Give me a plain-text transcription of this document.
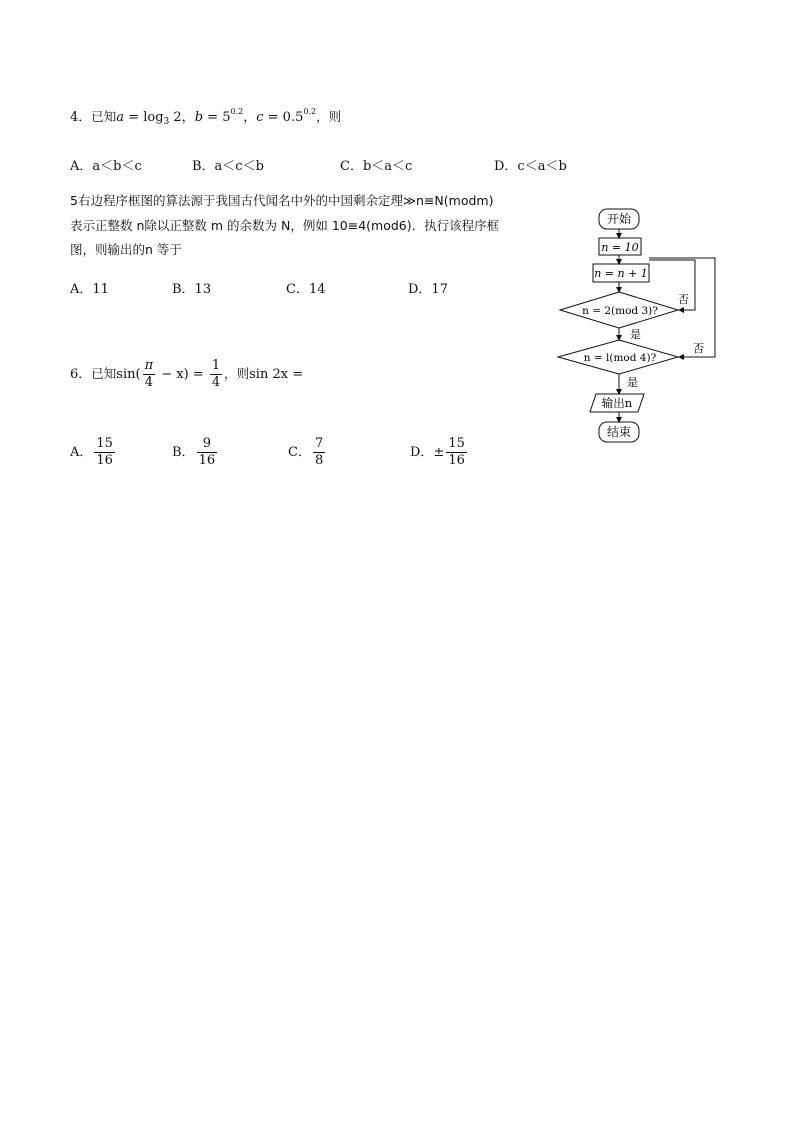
4．已知$a = \log_3 2$，$b = 5^{0.2}$，$c = 0.5^{0.2}$，则
A．a＜b＜c	B．a＜c＜b	C．b＜a＜c	D．c＜a＜b
5右边程序框图的算法源于我国古代闻名中外的中国剩余定理≫n≡N(modm)
表示正整数 n除以正整数 m 的余数为 N，例如 10≡4(mod6)．执行该程序框
图，则输出的n 等于
A．11	B．13	C．14	D．17
开始
n = 10
n = n + 1
n = 2(mod 3)?
否
是
n = l(mod 4)?
否
是
输出n
结束
6．已知$\sin( \frac{\pi}{4} - x) = \frac{1}{4}$ ，则sin 2x =
A． $\frac{15}{16}$	B． $\frac{9}{16}$	C． $\frac{7}{8}$	D．± $\frac{15}{16}$
